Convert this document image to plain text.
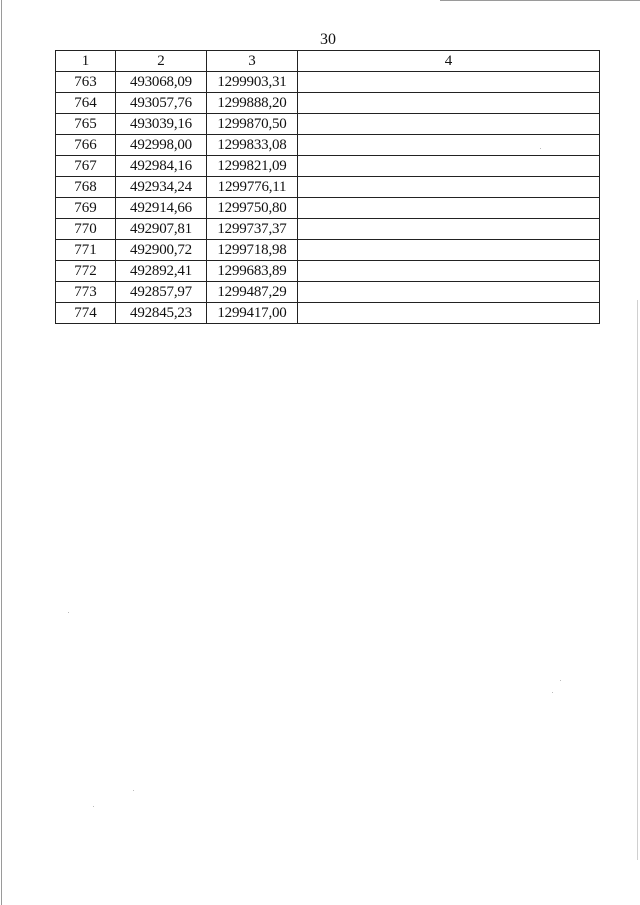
30
1	2	3	4
763	493068,09	1299903,31	
764	493057,76	1299888,20	
765	493039,16	1299870,50	
766	492998,00	1299833,08	
767	492984,16	1299821,09	
768	492934,24	1299776,11	
769	492914,66	1299750,80	
770	492907,81	1299737,37	
771	492900,72	1299718,98	
772	492892,41	1299683,89	
773	492857,97	1299487,29	
774	492845,23	1299417,00	
